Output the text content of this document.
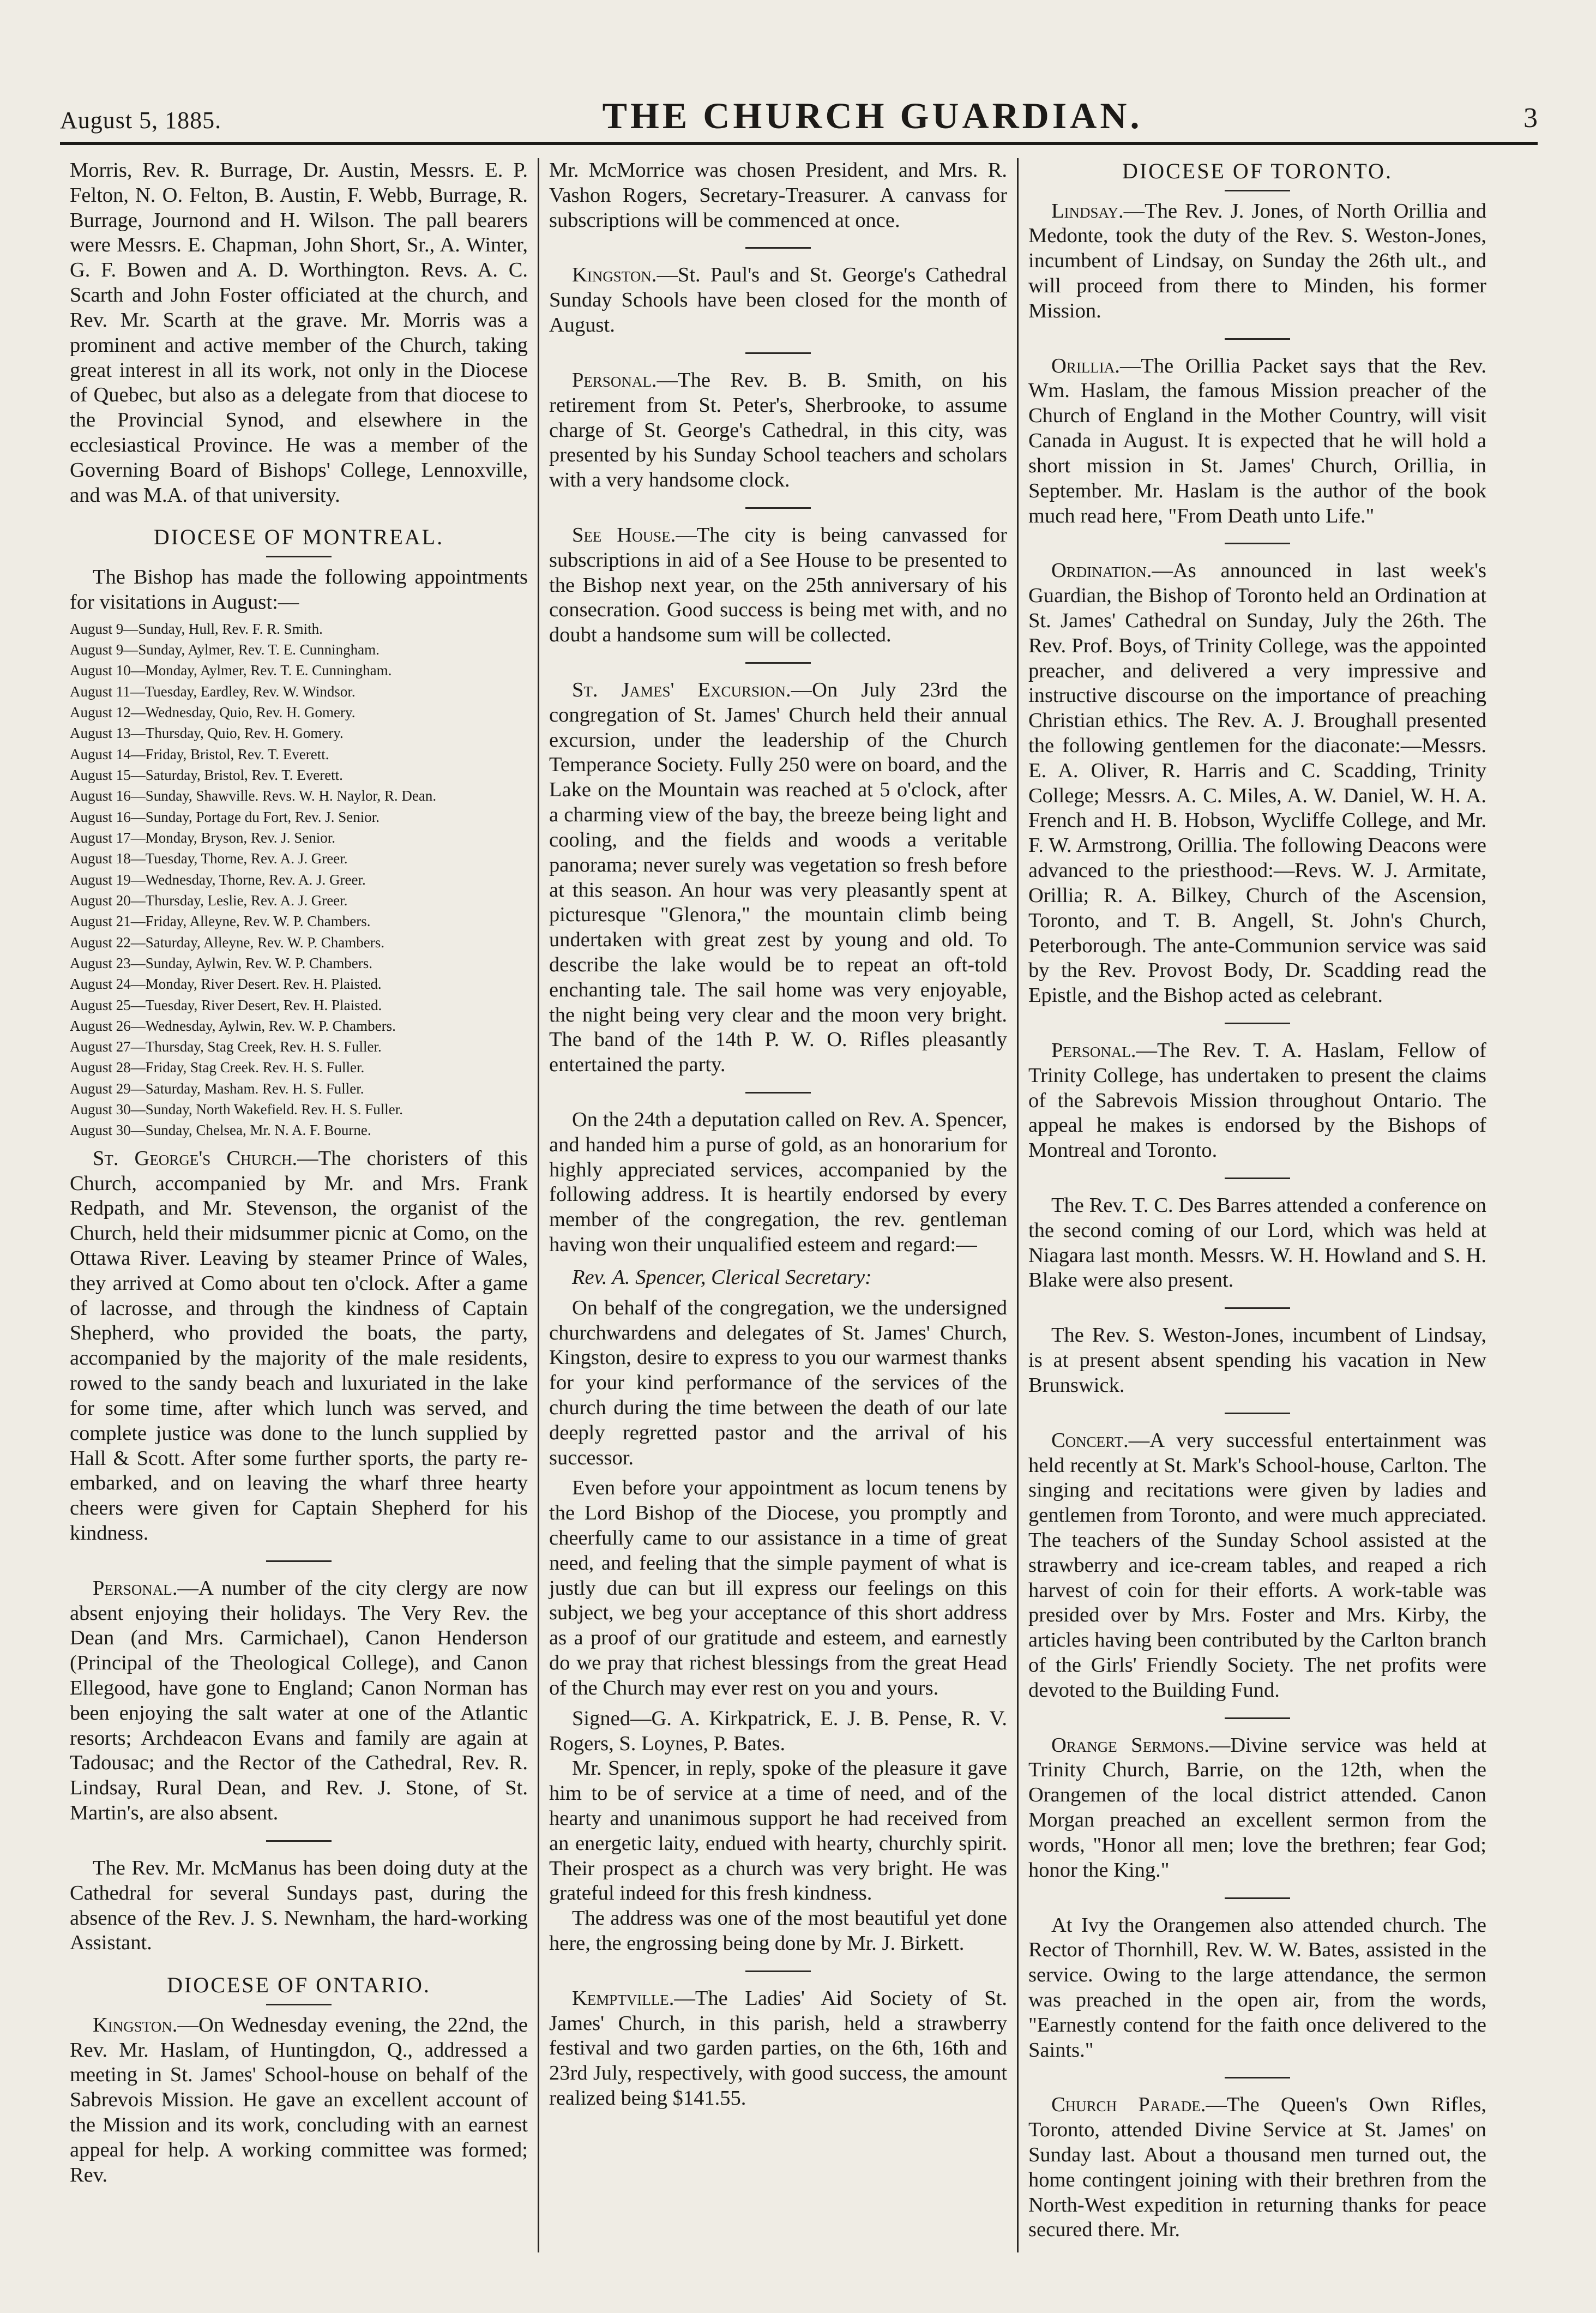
August 5, 1885.	THE CHURCH GUARDIAN.	3

Morris, Rev. R. Burrage, Dr. Austin, Messrs. E. P. Felton, N. O. Felton, B. Austin, F. Webb, Burrage, R. Burrage, Journond and H. Wilson. The pall bearers were Messrs. E. Chapman, John Short, Sr., A. Winter, G. F. Bowen and A. D. Worthington. Revs. A. C. Scarth and John Foster officiated at the church, and Rev. Mr. Scarth at the grave. Mr. Morris was a prominent and active member of the Church, taking great interest in all its work, not only in the Diocese of Quebec, but also as a delegate from that diocese to the Provincial Synod, and elsewhere in the ecclesiastical Province. He was a member of the Governing Board of Bishops' College, Lennoxville, and was M.A. of that university.

DIOCESE OF MONTREAL.

The Bishop has made the following appointments for visitations in August:—

August 9—Sunday, Hull, Rev. F. R. Smith.
August 9—Sunday, Aylmer, Rev. T. E. Cunningham.
August 10—Monday, Aylmer, Rev. T. E. Cunningham.
August 11—Tuesday, Eardley, Rev. W. Windsor.
August 12—Wednesday, Quio, Rev. H. Gomery.
August 13—Thursday, Quio, Rev. H. Gomery.
August 14—Friday, Bristol, Rev. T. Everett.
August 15—Saturday, Bristol, Rev. T. Everett.
August 16—Sunday, Shawville. Revs. W. H. Naylor, R. Dean.
August 16—Sunday, Portage du Fort, Rev. J. Senior.
August 17—Monday, Bryson, Rev. J. Senior.
August 18—Tuesday, Thorne, Rev. A. J. Greer.
August 19—Wednesday, Thorne, Rev. A. J. Greer.
August 20—Thursday, Leslie, Rev. A. J. Greer.
August 21—Friday, Alleyne, Rev. W. P. Chambers.
August 22—Saturday, Alleyne, Rev. W. P. Chambers.
August 23—Sunday, Aylwin, Rev. W. P. Chambers.
August 24—Monday, River Desert. Rev. H. Plaisted.
August 25—Tuesday, River Desert, Rev. H. Plaisted.
August 26—Wednesday, Aylwin, Rev. W. P. Chambers.
August 27—Thursday, Stag Creek, Rev. H. S. Fuller.
August 28—Friday, Stag Creek. Rev. H. S. Fuller.
August 29—Saturday, Masham. Rev. H. S. Fuller.
August 30—Sunday, North Wakefield. Rev. H. S. Fuller.
August 30—Sunday, Chelsea, Mr. N. A. F. Bourne.

St. George's Church.—The choristers of this Church, accompanied by Mr. and Mrs. Frank Redpath, and Mr. Stevenson, the organist of the Church, held their midsummer picnic at Como, on the Ottawa River. Leaving by steamer Prince of Wales, they arrived at Como about ten o'clock. After a game of lacrosse, and through the kindness of Captain Shepherd, who provided the boats, the party, accompanied by the majority of the male residents, rowed to the sandy beach and luxuriated in the lake for some time, after which lunch was served, and complete justice was done to the lunch supplied by Hall & Scott. After some further sports, the party re-embarked, and on leaving the wharf three hearty cheers were given for Captain Shepherd for his kindness.

Personal.—A number of the city clergy are now absent enjoying their holidays. The Very Rev. the Dean (and Mrs. Carmichael), Canon Henderson (Principal of the Theological College), and Canon Ellegood, have gone to England; Canon Norman has been enjoying the salt water at one of the Atlantic resorts; Archdeacon Evans and family are again at Tadousac; and the Rector of the Cathedral, Rev. R. Lindsay, Rural Dean, and Rev. J. Stone, of St. Martin's, are also absent.

The Rev. Mr. McManus has been doing duty at the Cathedral for several Sundays past, during the absence of the Rev. J. S. Newnham, the hard-working Assistant.

DIOCESE OF ONTARIO.

Kingston.—On Wednesday evening, the 22nd, the Rev. Mr. Haslam, of Huntingdon, Q., addressed a meeting in St. James' School-house on behalf of the Sabrevois Mission. He gave an excellent account of the Mission and its work, concluding with an earnest appeal for help. A working committee was formed; Rev.

Mr. McMorrice was chosen President, and Mrs. R. Vashon Rogers, Secretary-Treasurer. A canvass for subscriptions will be commenced at once.

Kingston.—St. Paul's and St. George's Cathedral Sunday Schools have been closed for the month of August.

Personal.—The Rev. B. B. Smith, on his retirement from St. Peter's, Sherbrooke, to assume charge of St. George's Cathedral, in this city, was presented by his Sunday School teachers and scholars with a very handsome clock.

See House.—The city is being canvassed for subscriptions in aid of a See House to be presented to the Bishop next year, on the 25th anniversary of his consecration. Good success is being met with, and no doubt a handsome sum will be collected.

St. James' Excursion.—On July 23rd the congregation of St. James' Church held their annual excursion, under the leadership of the Church Temperance Society. Fully 250 were on board, and the Lake on the Mountain was reached at 5 o'clock, after a charming view of the bay, the breeze being light and cooling, and the fields and woods a veritable panorama; never surely was vegetation so fresh before at this season. An hour was very pleasantly spent at picturesque "Glenora," the mountain climb being undertaken with great zest by young and old. To describe the lake would be to repeat an oft-told enchanting tale. The sail home was very enjoyable, the night being very clear and the moon very bright. The band of the 14th P. W. O. Rifles pleasantly entertained the party.

On the 24th a deputation called on Rev. A. Spencer, and handed him a purse of gold, as an honorarium for highly appreciated services, accompanied by the following address. It is heartily endorsed by every member of the congregation, the rev. gentleman having won their unqualified esteem and regard:—

Rev. A. Spencer, Clerical Secretary:

On behalf of the congregation, we the undersigned churchwardens and delegates of St. James' Church, Kingston, desire to express to you our warmest thanks for your kind performance of the services of the church during the time between the death of our late deeply regretted pastor and the arrival of his successor.

Even before your appointment as locum tenens by the Lord Bishop of the Diocese, you promptly and cheerfully came to our assistance in a time of great need, and feeling that the simple payment of what is justly due can but ill express our feelings on this subject, we beg your acceptance of this short address as a proof of our gratitude and esteem, and earnestly do we pray that richest blessings from the great Head of the Church may ever rest on you and yours.

Signed—G. A. Kirkpatrick, E. J. B. Pense, R. V. Rogers, S. Loynes, P. Bates.

Mr. Spencer, in reply, spoke of the pleasure it gave him to be of service at a time of need, and of the hearty and unanimous support he had received from an energetic laity, endued with hearty, churchly spirit. Their prospect as a church was very bright. He was grateful indeed for this fresh kindness.

The address was one of the most beautiful yet done here, the engrossing being done by Mr. J. Birkett.

Kemptville.—The Ladies' Aid Society of St. James' Church, in this parish, held a strawberry festival and two garden parties, on the 6th, 16th and 23rd July, respectively, with good success, the amount realized being $141.55.

DIOCESE OF TORONTO.

Lindsay.—The Rev. J. Jones, of North Orillia and Medonte, took the duty of the Rev. S. Weston-Jones, incumbent of Lindsay, on Sunday the 26th ult., and will proceed from there to Minden, his former Mission.

Orillia.—The Orillia Packet says that the Rev. Wm. Haslam, the famous Mission preacher of the Church of England in the Mother Country, will visit Canada in August. It is expected that he will hold a short mission in St. James' Church, Orillia, in September. Mr. Haslam is the author of the book much read here, "From Death unto Life."

Ordination.—As announced in last week's Guardian, the Bishop of Toronto held an Ordination at St. James' Cathedral on Sunday, July the 26th. The Rev. Prof. Boys, of Trinity College, was the appointed preacher, and delivered a very impressive and instructive discourse on the importance of preaching Christian ethics. The Rev. A. J. Broughall presented the following gentlemen for the diaconate:—Messrs. E. A. Oliver, R. Harris and C. Scadding, Trinity College; Messrs. A. C. Miles, A. W. Daniel, W. H. A. French and H. B. Hobson, Wycliffe College, and Mr. F. W. Armstrong, Orillia. The following Deacons were advanced to the priesthood:—Revs. W. J. Armitate, Orillia; R. A. Bilkey, Church of the Ascension, Toronto, and T. B. Angell, St. John's Church, Peterborough. The ante-Communion service was said by the Rev. Provost Body, Dr. Scadding read the Epistle, and the Bishop acted as celebrant.

Personal.—The Rev. T. A. Haslam, Fellow of Trinity College, has undertaken to present the claims of the Sabrevois Mission throughout Ontario. The appeal he makes is endorsed by the Bishops of Montreal and Toronto.

The Rev. T. C. Des Barres attended a conference on the second coming of our Lord, which was held at Niagara last month. Messrs. W. H. Howland and S. H. Blake were also present.

The Rev. S. Weston-Jones, incumbent of Lindsay, is at present absent spending his vacation in New Brunswick.

Concert.—A very successful entertainment was held recently at St. Mark's School-house, Carlton. The singing and recitations were given by ladies and gentlemen from Toronto, and were much appreciated. The teachers of the Sunday School assisted at the strawberry and ice-cream tables, and reaped a rich harvest of coin for their efforts. A work-table was presided over by Mrs. Foster and Mrs. Kirby, the articles having been contributed by the Carlton branch of the Girls' Friendly Society. The net profits were devoted to the Building Fund.

Orange Sermons.—Divine service was held at Trinity Church, Barrie, on the 12th, when the Orangemen of the local district attended. Canon Morgan preached an excellent sermon from the words, "Honor all men; love the brethren; fear God; honor the King."

At Ivy the Orangemen also attended church. The Rector of Thornhill, Rev. W. W. Bates, assisted in the service. Owing to the large attendance, the sermon was preached in the open air, from the words, "Earnestly contend for the faith once delivered to the Saints."

Church Parade.—The Queen's Own Rifles, Toronto, attended Divine Service at St. James' on Sunday last. About a thousand men turned out, the home contingent joining with their brethren from the North-West expedition in returning thanks for peace secured there. Mr.
